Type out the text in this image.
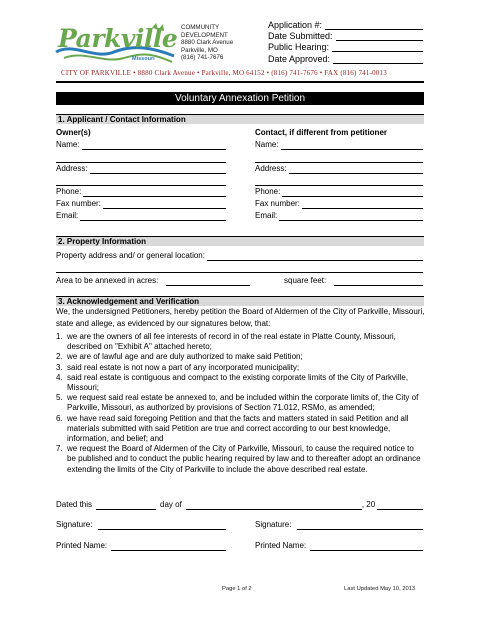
Parkville
Missouri
COMMUNITY
DEVELOPMENT
8880 Clark Avenue
Parkville, MO
(816) 741-7676
Application #:
Date Submitted:
Public Hearing:
Date Approved:
CITY OF PARKVILLE • 8880 Clark Avenue • Parkville, MO 64152 • (816) 741-7676 • FAX (816) 741-0013
Voluntary Annexation Petition
1. Applicant / Contact Information
Owner(s)	Contact, if different from petitioner
Name:	Name:
Address:	Address:
Phone:	Phone:
Fax number:	Fax number:
Email:	Email:
2. Property Information
Property address and/ or general location:
Area to be annexed in acres:	square feet:
3. Acknowledgement and Verification
We, the undersigned Petitioners, hereby petition the Board of Aldermen of the City of Parkville, Missouri, state and allege, as evidenced by our signatures below, that:
1. we are the owners of all fee interests of record in of the real estate in Platte County, Missouri, described on "Exhibit A" attached hereto;
2. we are of lawful age and are duly authorized to make said Petition;
3. said real estate is not now a part of any incorporated municipality;
4. said real estate is contiguous and compact to the existing corporate limits of the City of Parkville, Missouri;
5. we request said real estate be annexed to, and be included within the corporate limits of, the City of Parkville, Missouri, as authorized by provisions of Section 71.012, RSMo, as amended;
6. we have read said foregoing Petition and that the facts and matters stated in said Petition and all materials submitted with said Petition are true and correct according to our best knowledge, information, and belief; and
7. we request the Board of Aldermen of the City of Parkville, Missouri, to cause the required notice to be published and to conduct the public hearing required by law and to thereafter adopt an ordinance extending the limits of the City of Parkville to include the above described real estate.
Dated this	day of	, 20
Signature:	Signature:
Printed Name:	Printed Name:
Page 1 of 2	Last Updated May 10, 2013
